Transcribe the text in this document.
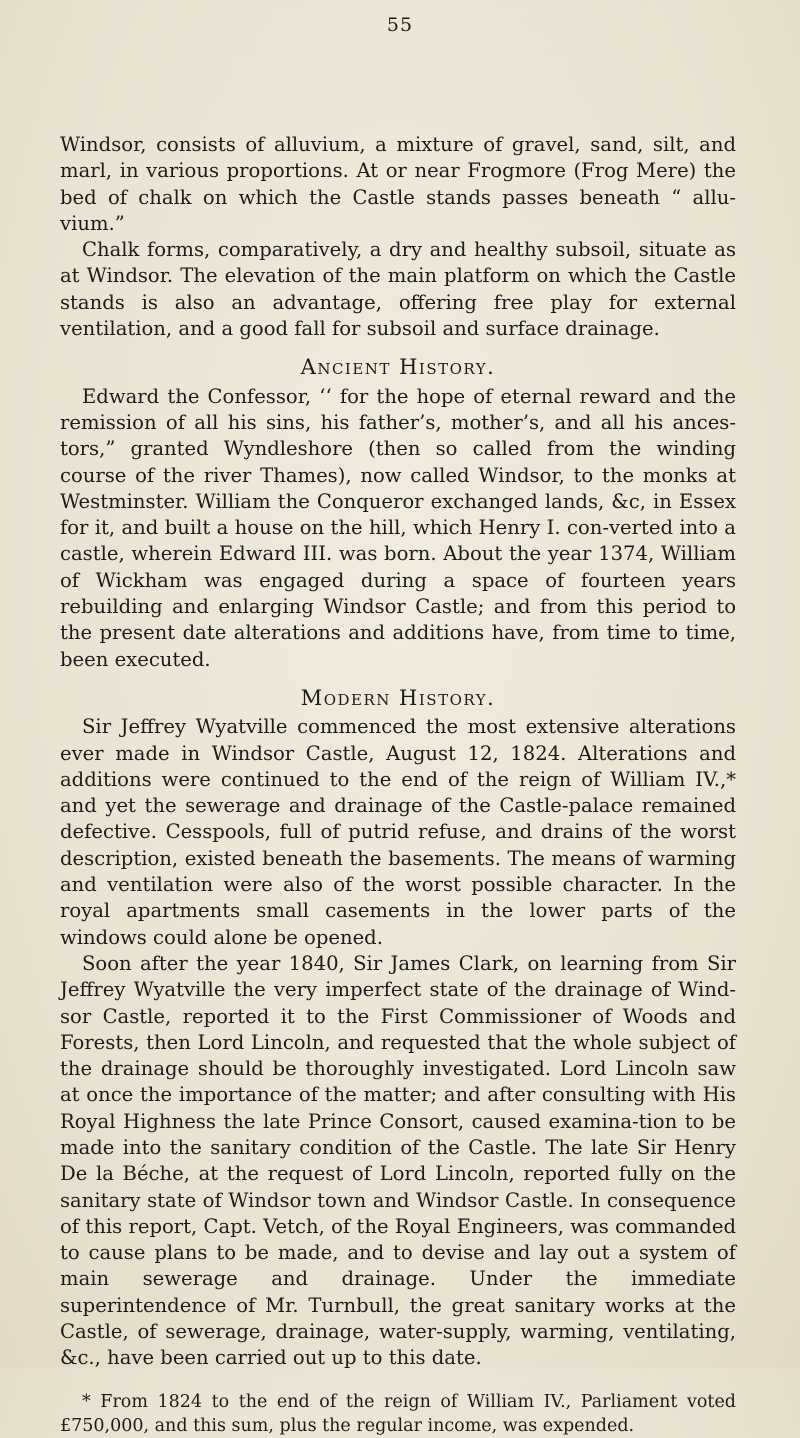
55

Windsor, consists of alluvium, a mixture of gravel, sand, silt, and marl, in various proportions. At or near Frogmore (Frog Mere) the bed of chalk on which the Castle stands passes beneath “ allu-vium.”

Chalk forms, comparatively, a dry and healthy subsoil, situate as at Windsor. The elevation of the main platform on which the Castle stands is also an advantage, offering free play for external ventilation, and a good fall for subsoil and surface drainage.

Ancient History.

Edward the Confessor, ‘‘ for the hope of eternal reward and the remission of all his sins, his father’s, mother’s, and all his ances-tors,” granted Wyndleshore (then so called from the winding course of the river Thames), now called Windsor, to the monks at Westminster. William the Conqueror exchanged lands, &c, in Essex for it, and built a house on the hill, which Henry I. con-verted into a castle, wherein Edward III. was born. About the year 1374, William of Wickham was engaged during a space of fourteen years rebuilding and enlarging Windsor Castle; and from this period to the present date alterations and additions have, from time to time, been executed.

Modern History.

Sir Jeffrey Wyatville commenced the most extensive alterations ever made in Windsor Castle, August 12, 1824. Alterations and additions were continued to the end of the reign of William IV.,* and yet the sewerage and drainage of the Castle-palace remained defective. Cesspools, full of putrid refuse, and drains of the worst description, existed beneath the basements. The means of warming and ventilation were also of the worst possible character. In the royal apartments small casements in the lower parts of the windows could alone be opened.

Soon after the year 1840, Sir James Clark, on learning from Sir Jeffrey Wyatville the very imperfect state of the drainage of Wind-sor Castle, reported it to the First Commissioner of Woods and Forests, then Lord Lincoln, and requested that the whole subject of the drainage should be thoroughly investigated. Lord Lincoln saw at once the importance of the matter; and after consulting with His Royal Highness the late Prince Consort, caused examina-tion to be made into the sanitary condition of the Castle. The late Sir Henry De la Béche, at the request of Lord Lincoln, reported fully on the sanitary state of Windsor town and Windsor Castle. In consequence of this report, Capt. Vetch, of the Royal Engineers, was commanded to cause plans to be made, and to devise and lay out a system of main sewerage and drainage. Under the immediate superintendence of Mr. Turnbull, the great sanitary works at the Castle, of sewerage, drainage, water-supply, warming, ventilating, &c., have been carried out up to this date.

* From 1824 to the end of the reign of William IV., Parliament voted £750,000, and this sum, plus the regular income, was expended.
